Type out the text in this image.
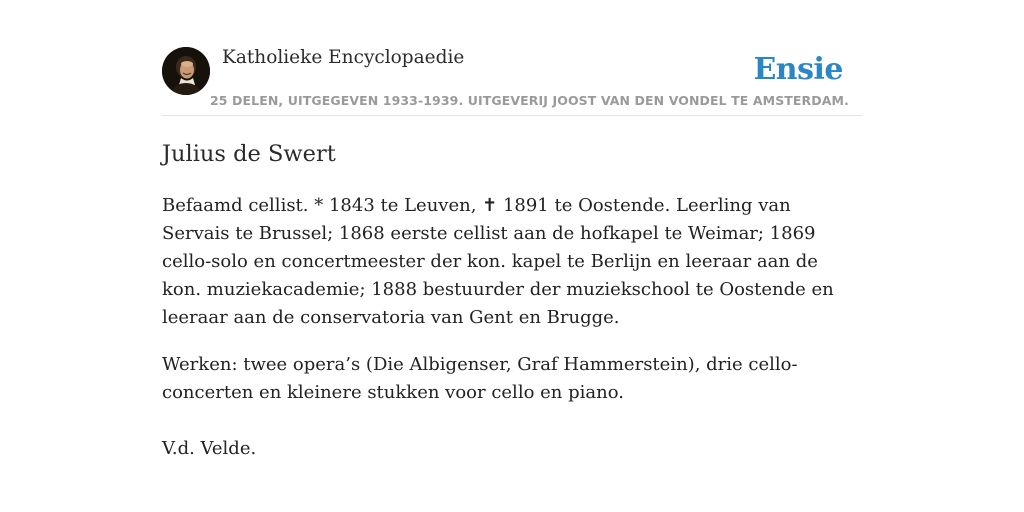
Katholieke Encyclopaedie	Ensie
25 DELEN, UITGEGEVEN 1933-1939. UITGEVERIJ JOOST VAN DEN VONDEL TE AMSTERDAM.
Julius de Swert

Befaamd cellist. * 1843 te Leuven, ✝ 1891 te Oostende. Leerling van Servais te Brussel; 1868 eerste cellist aan de hofkapel te Weimar; 1869 cello-solo en concertmeester der kon. kapel te Berlijn en leeraar aan de kon. muziekacademie; 1888 bestuurder der muziekschool te Oostende en leeraar aan de conservatoria van Gent en Brugge.

Werken: twee opera’s (Die Albigenser, Graf Hammerstein), drie cello-concerten en kleinere stukken voor cello en piano.

V.d. Velde.
